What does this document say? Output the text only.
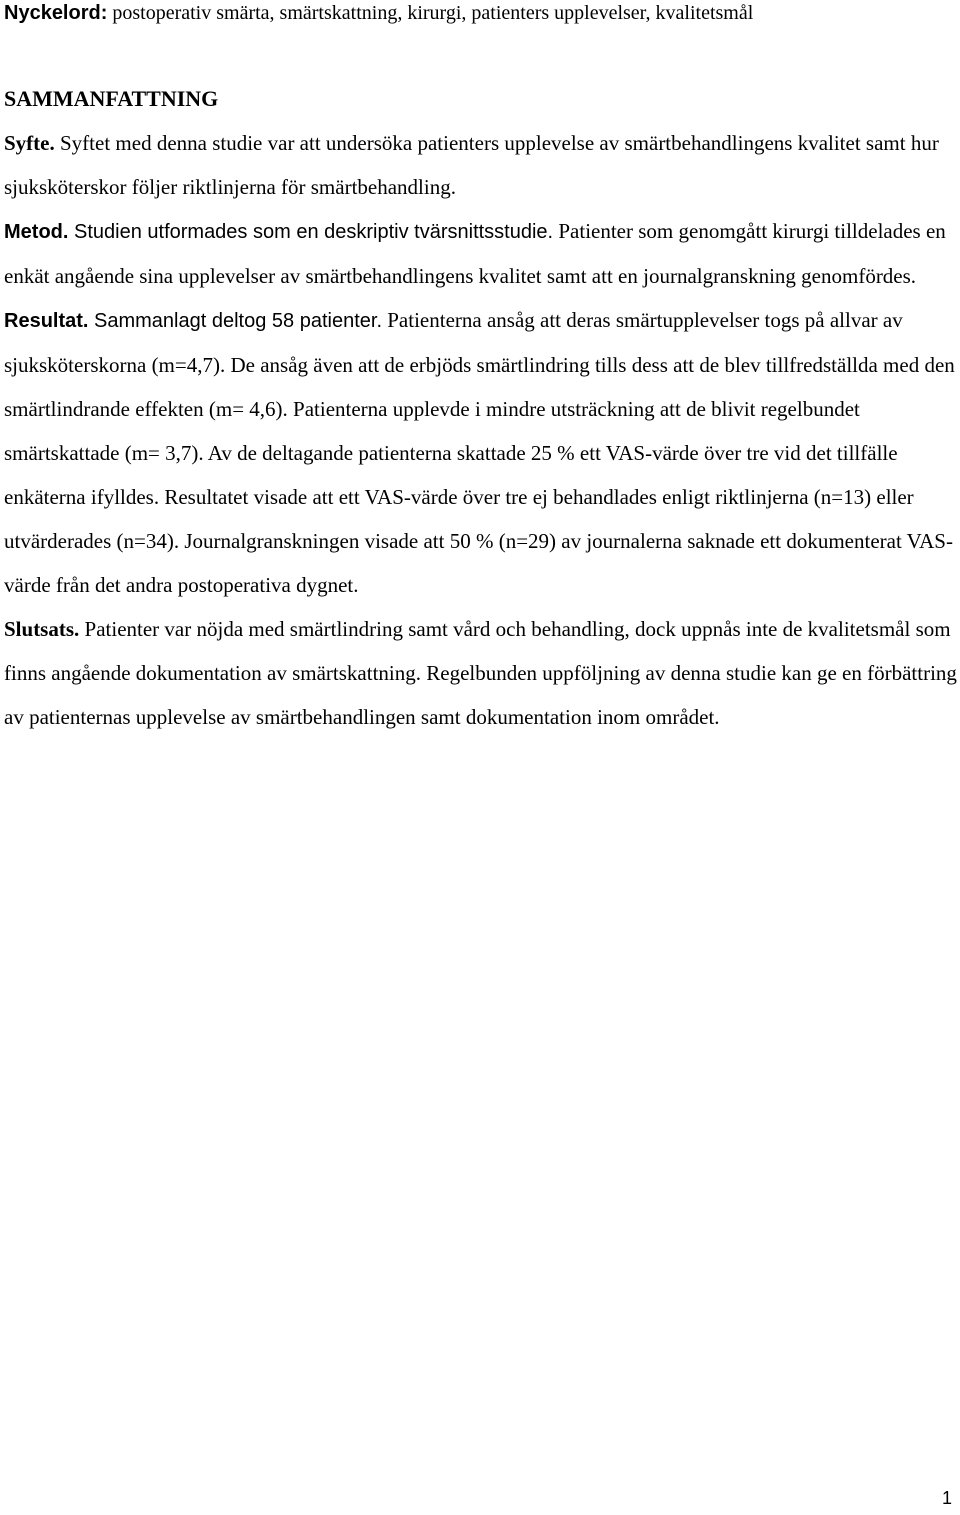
Nyckelord: postoperativ smärta, smärtskattning, kirurgi, patienters upplevelser, kvalitetsmål
SAMMANFATTNING

Syfte. Syftet med denna studie var att undersöka patienters upplevelse av smärtbehandlingens kvalitet samt hur sjuksköterskor följer riktlinjerna för smärtbehandling.

Metod. Studien utformades som en deskriptiv tvärsnittsstudie. Patienter som genomgått kirurgi tilldelades en enkät angående sina upplevelser av smärtbehandlingens kvalitet samt att en journalgranskning genomfördes.

Resultat. Sammanlagt deltog 58 patienter. Patienterna ansåg att deras smärtupplevelser togs på allvar av sjuksköterskorna (m=4,7). De ansåg även att de erbjöds smärtlindring tills dess att de blev tillfredställda med den smärtlindrande effekten (m= 4,6). Patienterna upplevde i mindre utsträckning att de blivit regelbundet smärtskattade (m= 3,7). Av de deltagande patienterna skattade 25 % ett VAS-värde över tre vid det tillfälle enkäterna ifylldes. Resultatet visade att ett VAS-värde över tre ej behandlades enligt riktlinjerna (n=13) eller utvärderades (n=34). Journalgranskningen visade att 50 % (n=29) av journalerna saknade ett dokumenterat VAS-värde från det andra postoperativa dygnet.

Slutsats. Patienter var nöjda med smärtlindring samt vård och behandling, dock uppnås inte de kvalitetsmål som finns angående dokumentation av smärtskattning. Regelbunden uppföljning av denna studie kan ge en förbättring av patienternas upplevelse av smärtbehandlingen samt dokumentation inom området.

1
